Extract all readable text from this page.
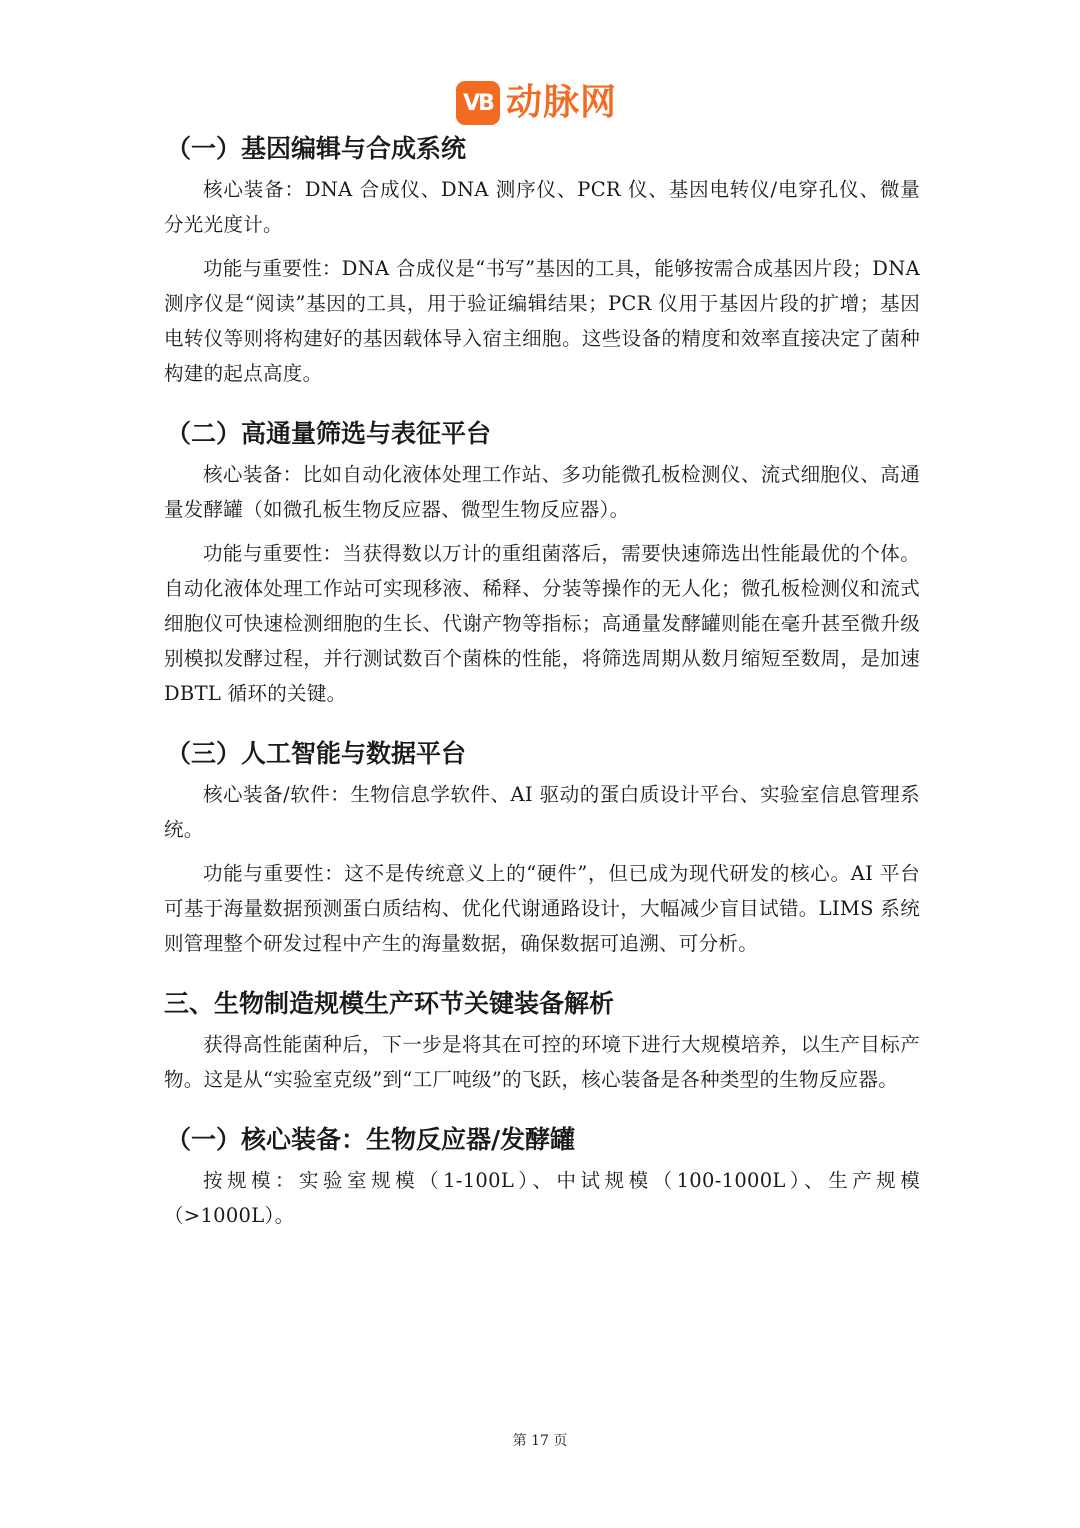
VB 动脉网
（一）基因编辑与合成系统

核心装备：DNA 合成仪、DNA 测序仪、PCR 仪、基因电转仪/电穿孔仪、微量分光光度计。

功能与重要性：DNA 合成仪是“书写”基因的工具，能够按需合成基因片段；DNA 测序仪是“阅读”基因的工具，用于验证编辑结果；PCR 仪用于基因片段的扩增；基因电转仪等则将构建好的基因载体导入宿主细胞。这些设备的精度和效率直接决定了菌种构建的起点高度。

（二）高通量筛选与表征平台

核心装备：比如自动化液体处理工作站、多功能微孔板检测仪、流式细胞仪、高通量发酵罐（如微孔板生物反应器、微型生物反应器）。

功能与重要性：当获得数以万计的重组菌落后，需要快速筛选出性能最优的个体。自动化液体处理工作站可实现移液、稀释、分装等操作的无人化；微孔板检测仪和流式细胞仪可快速检测细胞的生长、代谢产物等指标；高通量发酵罐则能在毫升甚至微升级别模拟发酵过程，并行测试数百个菌株的性能，将筛选周期从数月缩短至数周，是加速 DBTL 循环的关键。

（三）人工智能与数据平台

核心装备/软件：生物信息学软件、AI 驱动的蛋白质设计平台、实验室信息管理系统。

功能与重要性：这不是传统意义上的“硬件”，但已成为现代研发的核心。AI 平台可基于海量数据预测蛋白质结构、优化代谢通路设计，大幅减少盲目试错。LIMS 系统则管理整个研发过程中产生的海量数据，确保数据可追溯、可分析。

三、生物制造规模生产环节关键装备解析

获得高性能菌种后，下一步是将其在可控的环境下进行大规模培养，以生产目标产物。这是从“实验室克级”到“工厂吨级”的飞跃，核心装备是各种类型的生物反应器。

（一）核心装备：生物反应器/发酵罐

按规模：实验室规模（1-100L）、中试规模（100-1000L）、生产规模（>1000L）。

第 17 页
